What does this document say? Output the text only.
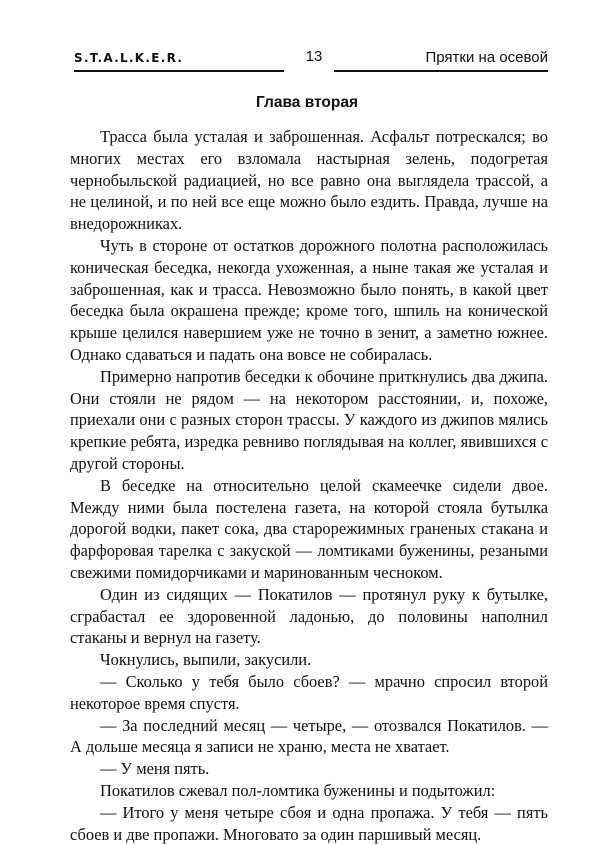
S.T.A.L.K.E.R.	13	Прятки на осевой
Глава вторая

Трасса была усталая и заброшенная. Асфальт потрескался; во многих местах его взломала настырная зелень, подогретая чернобыльской радиацией, но все равно она выглядела трассой, а не целиной, и по ней все еще можно было ездить. Правда, лучше на внедорожниках.

Чуть в стороне от остатков дорожного полотна расположилась коническая беседка, некогда ухоженная, а ныне такая же усталая и заброшенная, как и трасса. Невозможно было понять, в какой цвет беседка была окрашена прежде; кроме того, шпиль на конической крыше целился навершием уже не точно в зенит, а заметно южнее. Однако сдаваться и падать она вовсе не собиралась.

Примерно напротив беседки к обочине приткнулись два джипа. Они стояли не рядом — на некотором расстоянии, и, похоже, приехали они с разных сторон трассы. У каждого из джипов мялись крепкие ребята, изредка ревниво поглядывая на коллег, явившихся с другой стороны.

В беседке на относительно целой скамеечке сидели двое. Между ними была постелена газета, на которой стояла бутылка дорогой водки, пакет сока, два старорежимных граненых стакана и фарфоровая тарелка с закуской — ломтиками буженины, резаными свежими помидорчиками и маринованным чесноком.

Один из сидящих — Покатилов — протянул руку к бутылке, сграбастал ее здоровенной ладонью, до половины наполнил стаканы и вернул на газету.

Чокнулись, выпили, закусили.

— Сколько у тебя было сбоев? — мрачно спросил второй некоторое время спустя.

— За последний месяц — четыре, — отозвался Покатилов. — А дольше месяца я записи не храню, места не хватает.

— У меня пять.

Покатилов сжевал пол-ломтика буженины и подытожил:

— Итого у меня четыре сбоя и одна пропажа. У тебя — пять сбоев и две пропажи. Многовато за один паршивый месяц.
